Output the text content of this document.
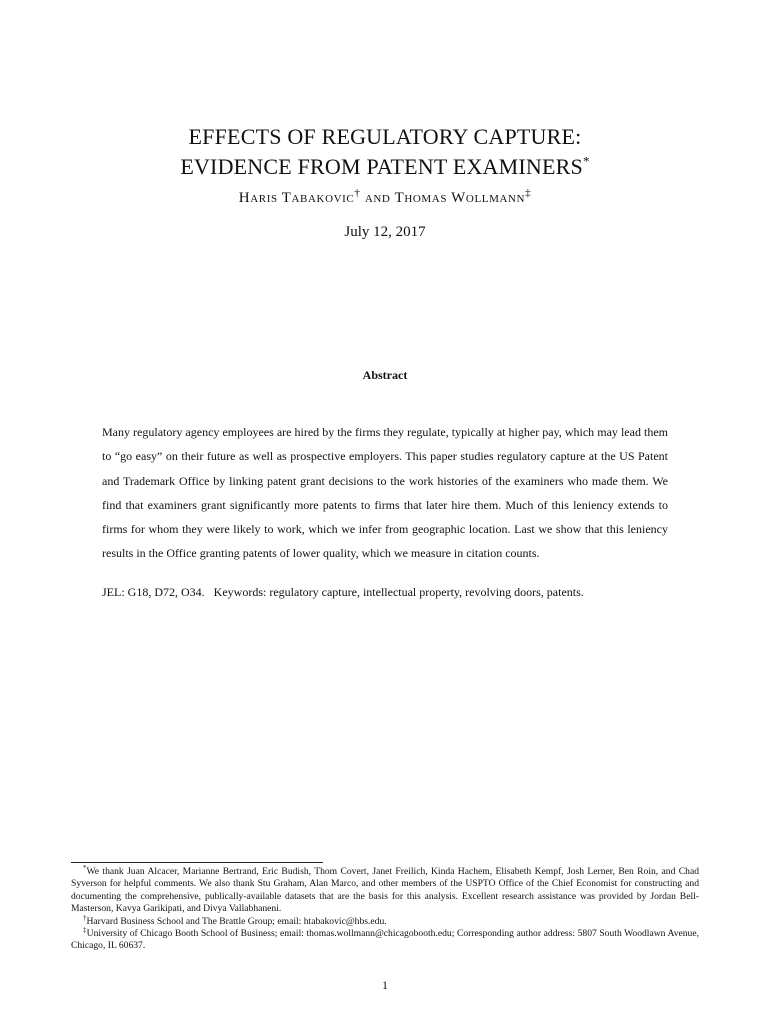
EFFECTS OF REGULATORY CAPTURE:
EVIDENCE FROM PATENT EXAMINERS*
Haris Tabakovic† and Thomas Wollmann‡
July 12, 2017
Abstract

Many regulatory agency employees are hired by the firms they regulate, typically at higher pay, which may lead them to “go easy” on their future as well as prospective employers. This paper studies regulatory capture at the US Patent and Trademark Office by linking patent grant decisions to the work histories of the examiners who made them. We find that examiners grant significantly more patents to firms that later hire them. Much of this leniency extends to firms for whom they were likely to work, which we infer from geographic location. Last we show that this leniency results in the Office granting patents of lower quality, which we measure in citation counts.

JEL: G18, D72, O34. Keywords: regulatory capture, intellectual property, revolving doors, patents.

*We thank Juan Alcacer, Marianne Bertrand, Eric Budish, Thom Covert, Janet Freilich, Kinda Hachem, Elisabeth Kempf, Josh Lerner, Ben Roin, and Chad Syverson for helpful comments. We also thank Stu Graham, Alan Marco, and other members of the USPTO Office of the Chief Economist for constructing and documenting the comprehensive, publically-available datasets that are the basis for this analysis. Excellent research assistance was provided by Jordan Bell-Masterson, Kavya Garikipati, and Divya Vallabhaneni.

†Harvard Business School and The Brattle Group; email: htabakovic@hbs.edu.

‡University of Chicago Booth School of Business; email: thomas.wollmann@chicagobooth.edu; Corresponding author address: 5807 South Woodlawn Avenue, Chicago, IL 60637.

1
